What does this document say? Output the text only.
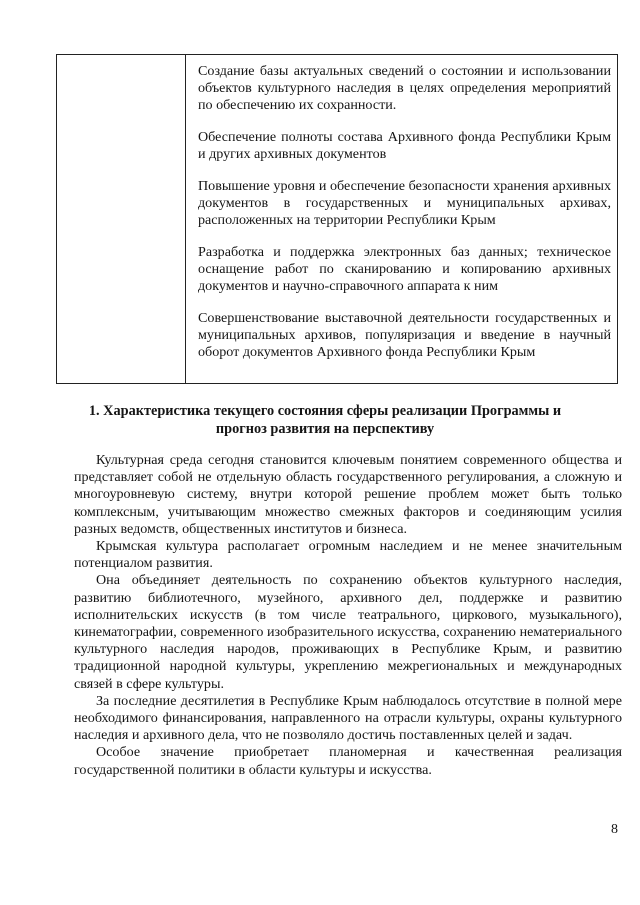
Создание базы актуальных сведений о состоянии и использовании объектов культурного наследия в целях определения мероприятий по обеспечению их сохранности.

Обеспечение полноты состава Архивного фонда Республики Крым и других архивных документов

Повышение уровня и обеспечение безопасности хранения архивных документов в государственных и муниципальных архивах, расположенных на территории Республики Крым

Разработка и поддержка электронных баз данных; техническое оснащение работ по сканированию и копированию архивных документов и научно-справочного аппарата к ним

Совершенствование выставочной деятельности государственных и муниципальных архивов, популяризация и введение в научный оборот документов Архивного фонда Республики Крым

1. Характеристика текущего состояния сферы реализации Программы и прогноз развития на перспективу

Культурная среда сегодня становится ключевым понятием современного общества и представляет собой не отдельную область государственного регулирования, а сложную и многоуровневую систему, внутри которой решение проблем может быть только комплексным, учитывающим множество смежных факторов и соединяющим усилия разных ведомств, общественных институтов и бизнеса.

Крымская культура располагает огромным наследием и не менее значительным потенциалом развития.

Она объединяет деятельность по сохранению объектов культурного наследия, развитию библиотечного, музейного, архивного дел, поддержке и развитию исполнительских искусств (в том числе театрального, циркового, музыкального), кинематографии, современного изобразительного искусства, сохранению нематериального культурного наследия народов, проживающих в Республике Крым, и развитию традиционной народной культуры, укреплению межрегиональных и международных связей в сфере культуры.

За последние десятилетия в Республике Крым наблюдалось отсутствие в полной мере необходимого финансирования, направленного на отрасли культуры, охраны культурного наследия и архивного дела, что не позволяло достичь поставленных целей и задач.

Особое значение приобретает планомерная и качественная реализация государственной политики в области культуры и искусства.

8
